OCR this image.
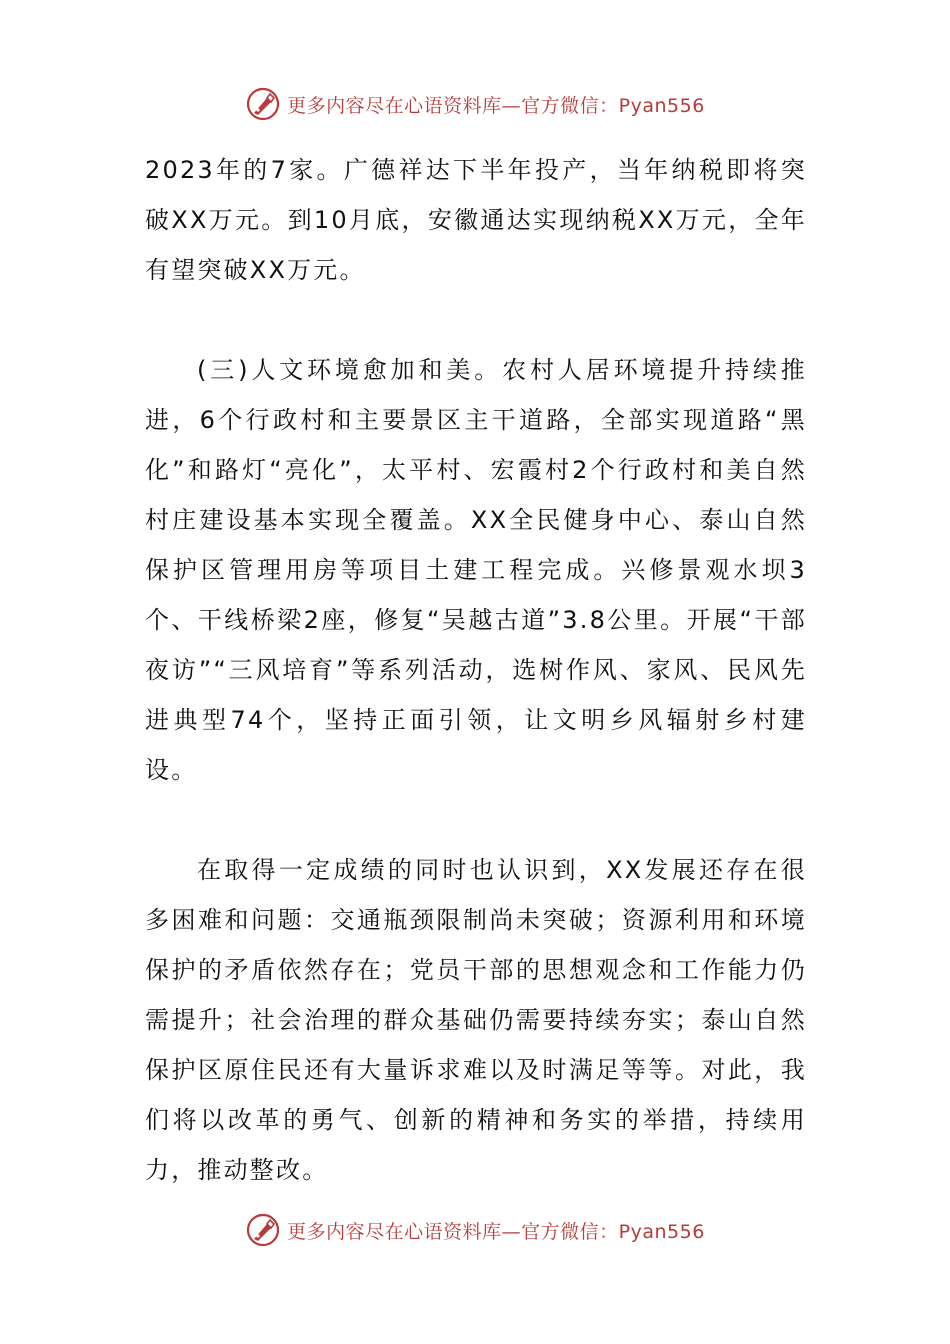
更多内容尽在心语资料库—官方微信：Pyan556

2023年的7家。广德祥达下半年投产，当年纳税即将突破XX万元。到10月底，安徽通达实现纳税XX万元，全年有望突破XX万元。

(三)人文环境愈加和美。农村人居环境提升持续推进，6个行政村和主要景区主干道路，全部实现道路“黑化”和路灯“亮化”，太平村、宏霞村2个行政村和美自然村庄建设基本实现全覆盖。XX全民健身中心、泰山自然保护区管理用房等项目土建工程完成。兴修景观水坝3个、干线桥梁2座，修复“吴越古道”3.8公里。开展“干部夜访”“三风培育”等系列活动，选树作风、家风、民风先进典型74个，坚持正面引领，让文明乡风辐射乡村建设。

在取得一定成绩的同时也认识到，XX发展还存在很多困难和问题：交通瓶颈限制尚未突破；资源利用和环境保护的矛盾依然存在；党员干部的思想观念和工作能力仍需提升；社会治理的群众基础仍需要持续夯实；泰山自然保护区原住民还有大量诉求难以及时满足等等。对此，我们将以改革的勇气、创新的精神和务实的举措，持续用力，推动整改。

更多内容尽在心语资料库—官方微信：Pyan556
